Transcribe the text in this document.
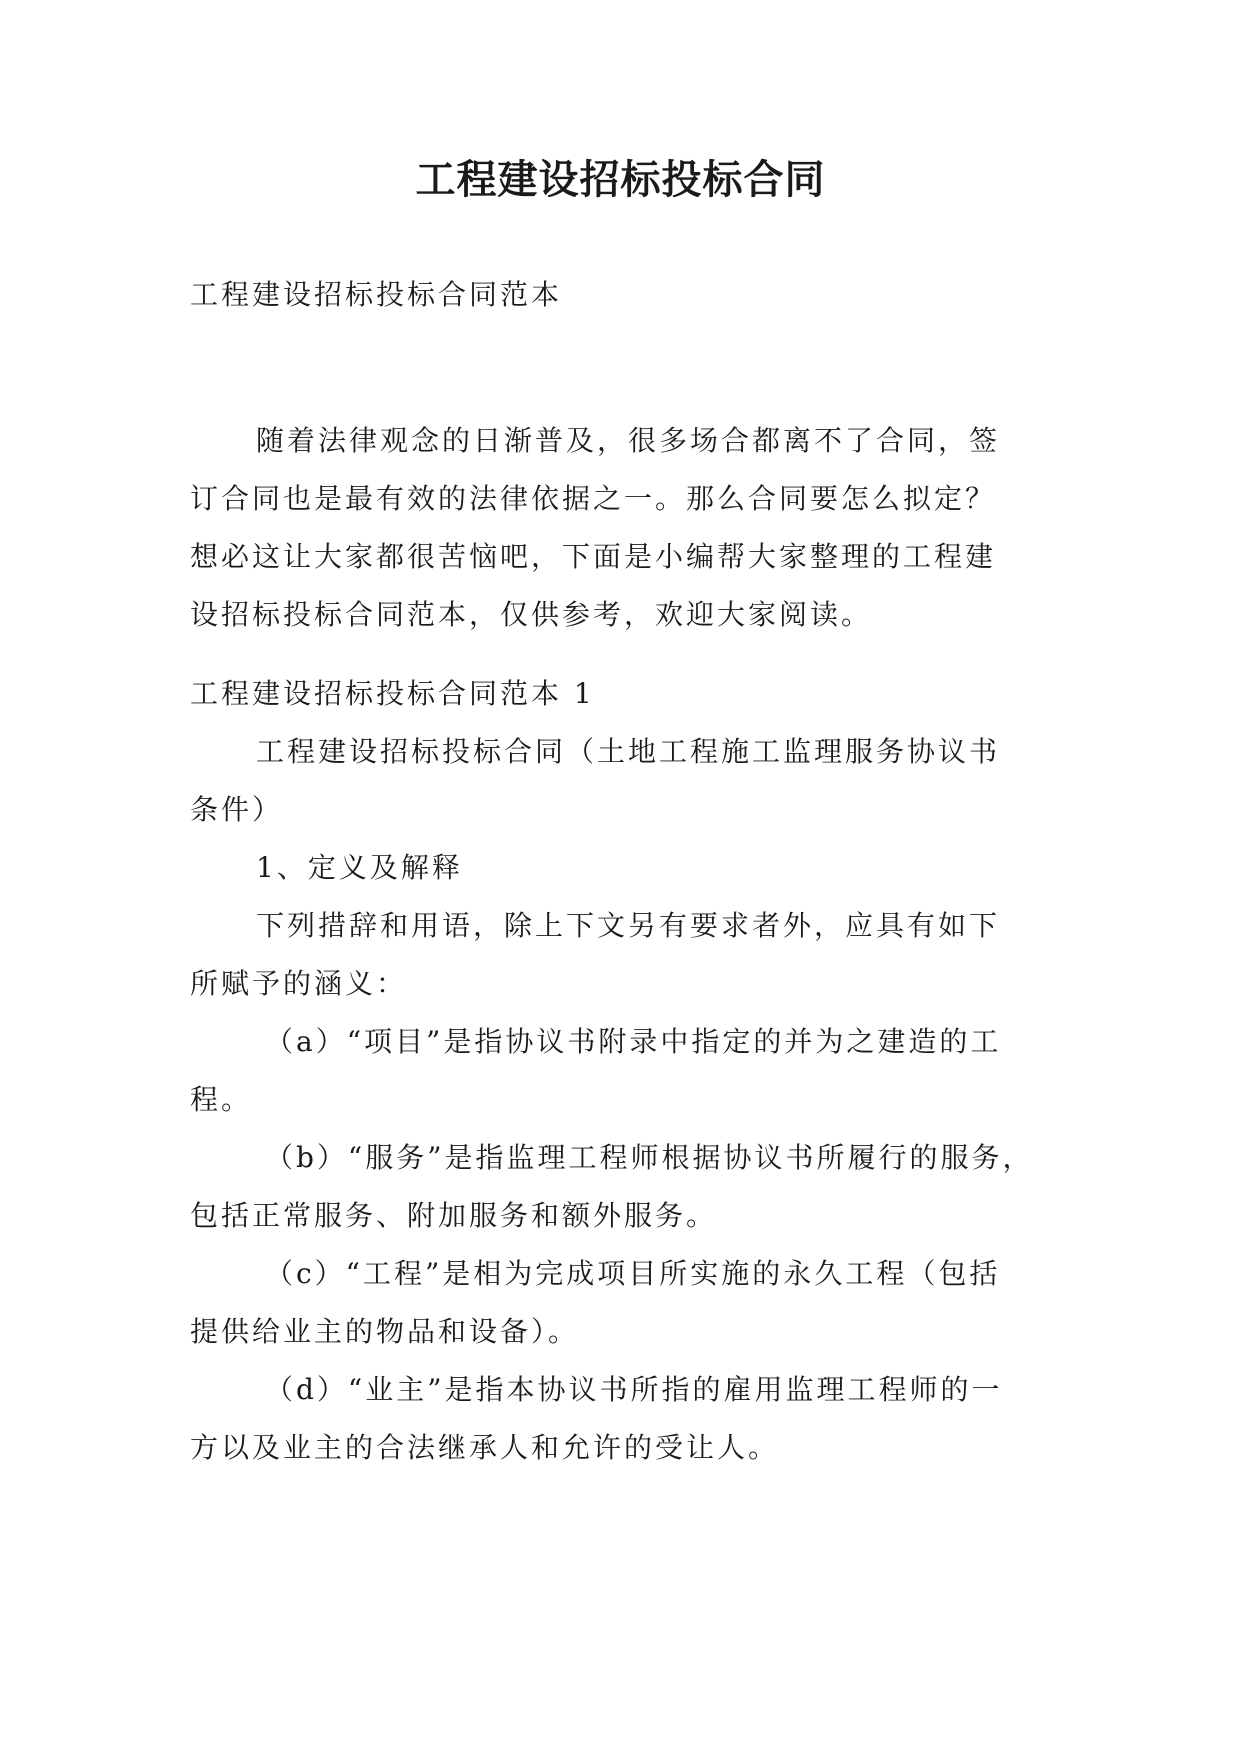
工程建设招标投标合同

工程建设招标投标合同范本

随着法律观念的日渐普及，很多场合都离不了合同，签
订合同也是最有效的法律依据之一。那么合同要怎么拟定？
想必这让大家都很苦恼吧，下面是小编帮大家整理的工程建
设招标投标合同范本，仅供参考，欢迎大家阅读。

工程建设招标投标合同范本 1

工程建设招标投标合同（土地工程施工监理服务协议书
条件）

1、定义及解释

下列措辞和用语，除上下文另有要求者外，应具有如下
所赋予的涵义：

（a）“项目”是指协议书附录中指定的并为之建造的工
程。

（b）“服务”是指监理工程师根据协议书所履行的服务，
包括正常服务、附加服务和额外服务。

（c）“工程”是相为完成项目所实施的永久工程（包括
提供给业主的物品和设备）。

（d）“业主”是指本协议书所指的雇用监理工程师的一
方以及业主的合法继承人和允许的受让人。
